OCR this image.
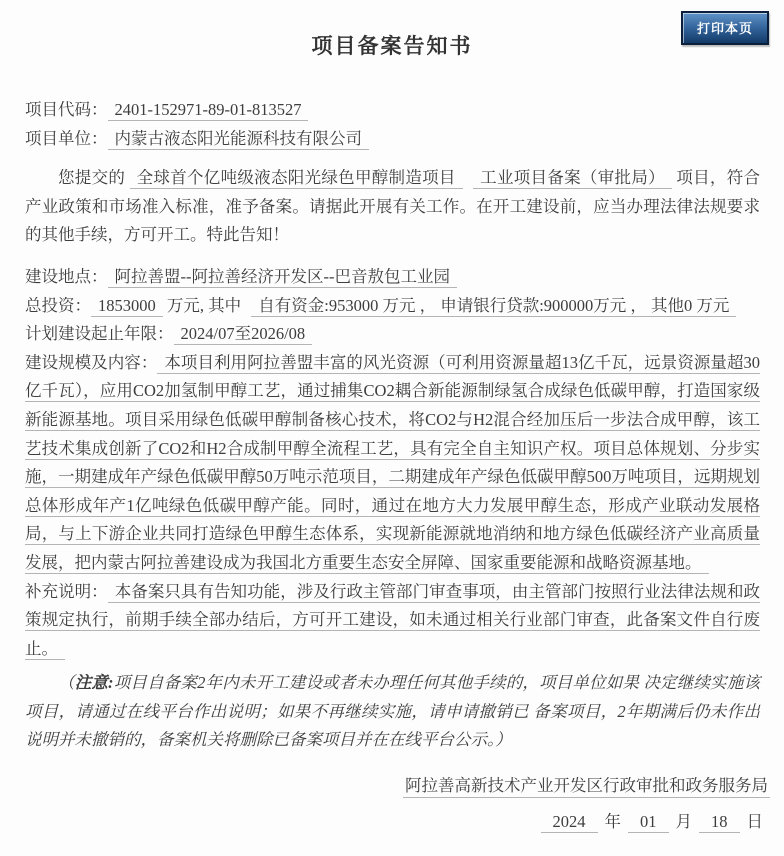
打印本页
项目备案告知书
项目代码： 2401-152971-89-01-813527
项目单位： 内蒙古液态阳光能源科技有限公司

您提交的 全球首个亿吨级液态阳光绿色甲醇制造项目 工业项目备案（审批局） 项目，符合产业政策和市场准入标准，准予备案。请据此开展有关工作。在开工建设前，应当办理法律法规要求的其他手续，方可开工。特此告知！

建设地点： 阿拉善盟--阿拉善经济开发区--巴音敖包工业园
总投资： 1853000 万元, 其中 自有资金:953000 万元 ， 申请银行贷款:900000万元 ， 其他0 万元
计划建设起止年限： 2024/07至2026/08
建设规模及内容： 本项目利用阿拉善盟丰富的风光资源（可利用资源量超13亿千瓦，远景资源量超30亿千瓦），应用CO2加氢制甲醇工艺，通过捕集CO2耦合新能源制绿氢合成绿色低碳甲醇，打造国家级新能源基地。项目采用绿色低碳甲醇制备核心技术，将CO2与H2混合经加压后一步法合成甲醇，该工艺技术集成创新了CO2和H2合成制甲醇全流程工艺，具有完全自主知识产权。项目总体规划、分步实施，一期建成年产绿色低碳甲醇50万吨示范项目，二期建成年产绿色低碳甲醇500万吨项目，远期规划总体形成年产1亿吨绿色低碳甲醇产能。同时，通过在地方大力发展甲醇生态，形成产业联动发展格局，与上下游企业共同打造绿色甲醇生态体系，实现新能源就地消纳和地方绿色低碳经济产业高质量发展，把内蒙古阿拉善建设成为我国北方重要生态安全屏障、国家重要能源和战略资源基地。
补充说明： 本备案只具有告知功能，涉及行政主管部门审查事项，由主管部门按照行业法律法规和政策规定执行，前期手续全部办结后，方可开工建设，如未通过相关行业部门审查，此备案文件自行废止。

（注意:项目自备案2年内未开工建设或者未办理任何其他手续的，项目单位如果 决定继续实施该项目，请通过在线平台作出说明；如果不再继续实施，请申请撤销已 备案项目，2年期满后仍未作出说明并未撤销的，备案机关将删除已备案项目并在在线平台公示。）

阿拉善高新技术产业开发区行政审批和政务服务局
2024 年 01 月 18 日
